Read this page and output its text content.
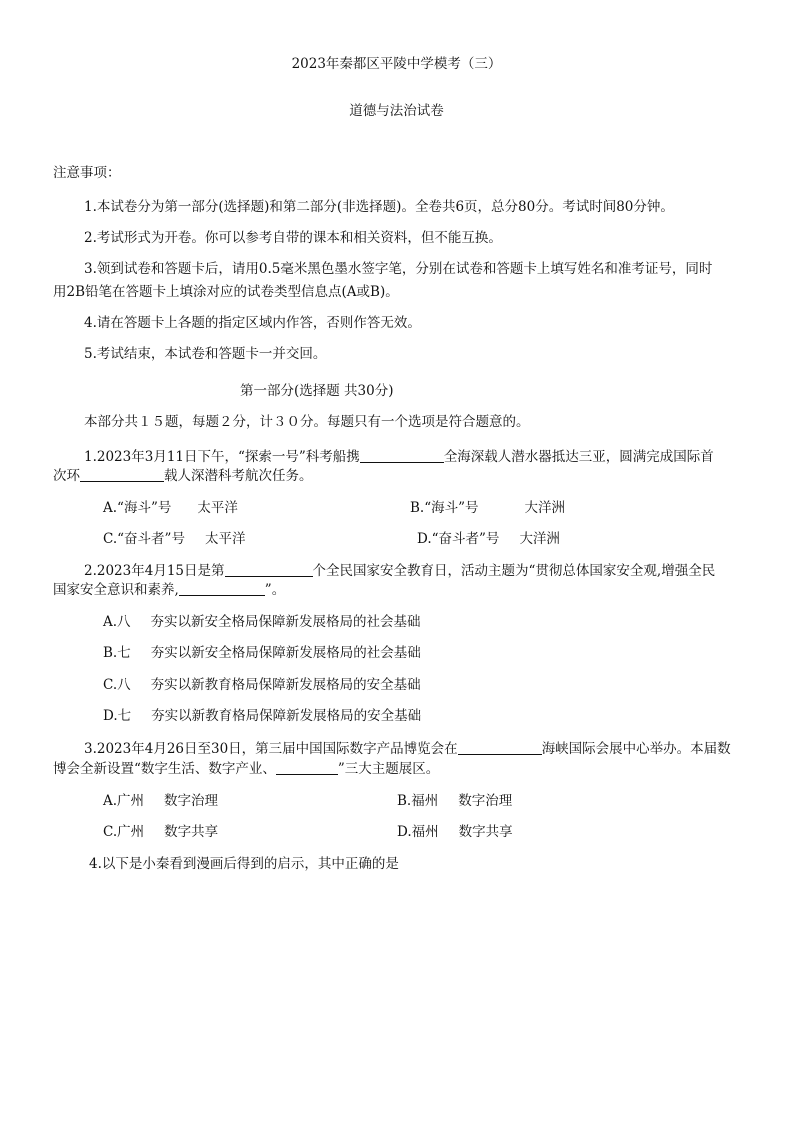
2023年秦都区平陵中学模考（三）
道德与法治试卷
注意事项：
1.本试卷分为第一部分(选择题)和第二部分(非选择题)。全卷共6页，总分80分。考试时间80分钟。
2.考试形式为开卷。你可以参考自带的课本和相关资料，但不能互换。
3.领到试卷和答题卡后，请用0.5毫米黑色墨水签字笔，分别在试卷和答题卡上填写姓名和准考证号，同时
用2B铅笔在答题卡上填涂对应的试卷类型信息点(A或B)。
4.请在答题卡上各题的指定区域内作答，否则作答无效。
5.考试结束，本试卷和答题卡一并交回。
第一部分(选择题 共30分)
本部分共１５题，每题２分，计３０分。每题只有一个选项是符合题意的。
1.2023年3月11日下午，“探索一号”科考船携	全海深载人潜水器抵达三亚，圆满完成国际首
次环	载人深潜科考航次任务。
A.“海斗”号 太平洋	B.“海斗”号	大洋洲
C.“奋斗者”号 太平洋	D.“奋斗者”号 大洋洲
2.2023年4月15日是第	个全民国家安全教育日，活动主题为“贯彻总体国家安全观,增强全民
国家安全意识和素养,	”。
A.八 夯实以新安全格局保障新发展格局的社会基础
B.七 夯实以新安全格局保障新发展格局的社会基础
C.八 夯实以新教育格局保障新发展格局的安全基础
D.七 夯实以新教育格局保障新发展格局的安全基础
3.2023年4月26日至30日，第三届中国国际数字产品博览会在	海峡国际会展中心举办。本届数
博会全新设置“数字生活、数字产业、	”三大主题展区。
A.广州 数字治理	B.福州 数字治理
C.广州 数字共享	D.福州 数字共享
4.以下是小秦看到漫画后得到的启示，其中正确的是
